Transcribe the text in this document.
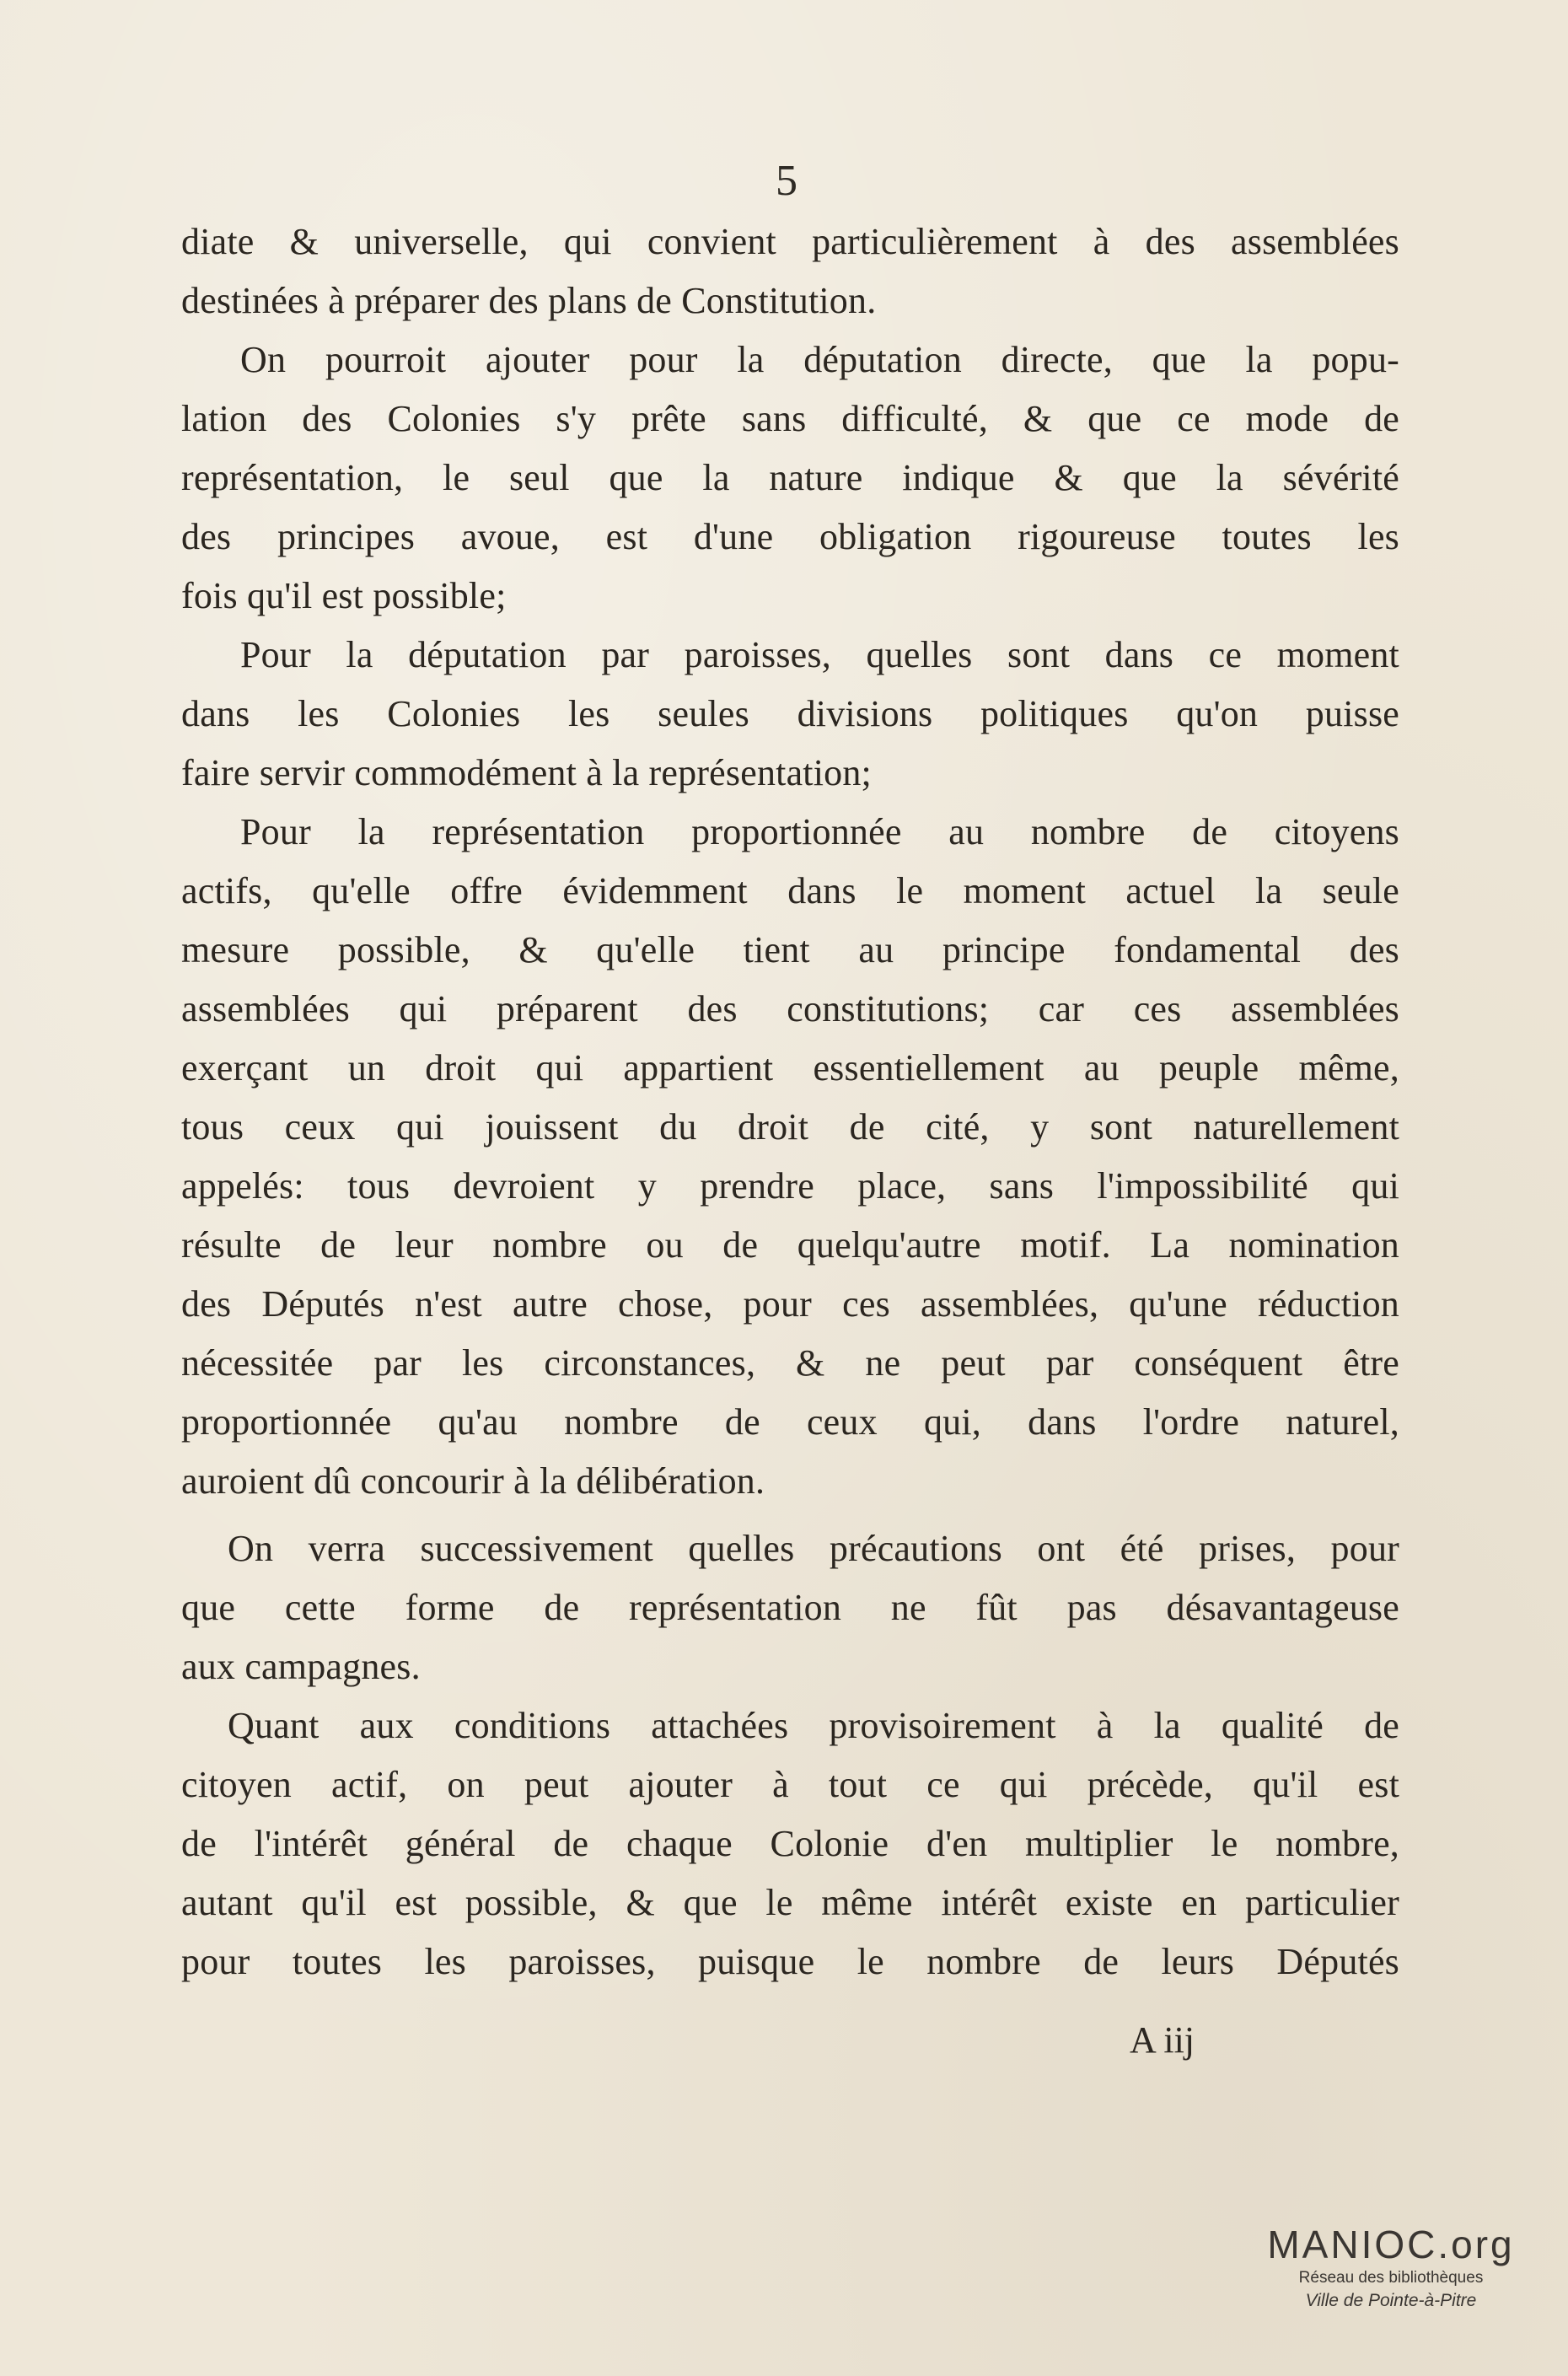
5
diate & universelle, qui convient particulièrement à des assemblées
destinées à préparer des plans de Constitution.
On pourroit ajouter pour la députation directe, que la popu-
lation des Colonies s'y prête sans difficulté, & que ce mode de
représentation, le seul que la nature indique & que la sévérité
des principes avoue, est d'une obligation rigoureuse toutes les
fois qu'il est possible;
Pour la députation par paroisses, quelles sont dans ce moment
dans les Colonies les seules divisions politiques qu'on puisse
faire servir commodément à la représentation;
Pour la représentation proportionnée au nombre de citoyens
actifs, qu'elle offre évidemment dans le moment actuel la seule
mesure possible, & qu'elle tient au principe fondamental des
assemblées qui préparent des constitutions; car ces assemblées
exerçant un droit qui appartient essentiellement au peuple même,
tous ceux qui jouissent du droit de cité, y sont naturellement
appelés: tous devroient y prendre place, sans l'impossibilité qui
résulte de leur nombre ou de quelqu'autre motif. La nomination
des Députés n'est autre chose, pour ces assemblées, qu'une réduction
nécessitée par les circonstances, & ne peut par conséquent être
proportionnée qu'au nombre de ceux qui, dans l'ordre naturel,
auroient dû concourir à la délibération.
On verra successivement quelles précautions ont été prises, pour
que cette forme de représentation ne fût pas désavantageuse
aux campagnes.
Quant aux conditions attachées provisoirement à la qualité de
citoyen actif, on peut ajouter à tout ce qui précède, qu'il est
de l'intérêt général de chaque Colonie d'en multiplier le nombre,
autant qu'il est possible, & que le même intérêt existe en particulier
pour toutes les paroisses, puisque le nombre de leurs Députés
A iij
MANIOC.org
Réseau des bibliothèques
Ville de Pointe-à-Pitre
